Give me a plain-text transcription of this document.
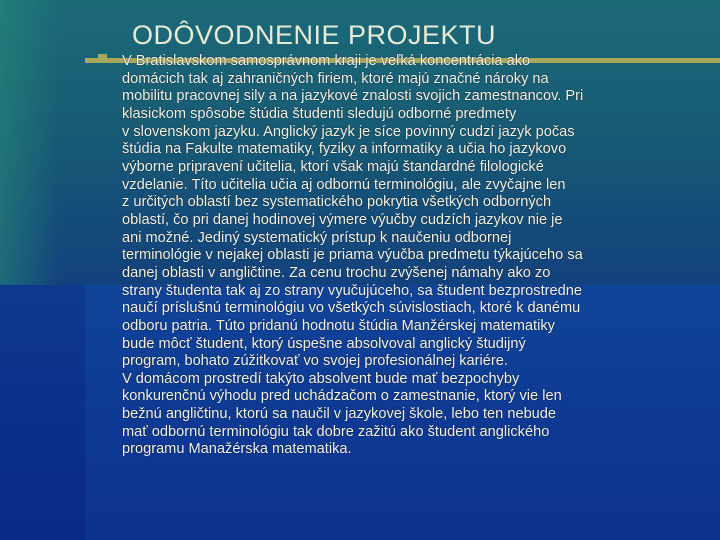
ODÔVODNENIE PROJEKTU
V Bratislavskom samosprávnom kraji je veľká koncentrácia ako
domácich tak aj zahraničných firiem, ktoré majú značné nároky na
mobilitu pracovnej sily a na jazykové znalosti svojich zamestnancov. Pri
klasickom spôsobe štúdia študenti sledujú odborné predmety
v slovenskom jazyku. Anglický jazyk je síce povinný cudzí jazyk počas
štúdia na Fakulte matematiky, fyziky a informatiky a učia ho jazykovo
výborne pripravení učitelia, ktorí však majú štandardné filologické
vzdelanie. Títo učitelia učia aj odbornú terminológiu, ale zvyčajne len
z určitých oblastí bez systematického pokrytia všetkých odborných
oblastí, čo pri danej hodinovej výmere výučby cudzích jazykov nie je
ani možné. Jediný systematický prístup k naučeniu odbornej
terminológie v nejakej oblasti je priama výučba predmetu týkajúceho sa
danej oblasti v angličtine. Za cenu trochu zvýšenej námahy ako zo
strany študenta tak aj zo strany vyučujúceho, sa študent bezprostredne
naučí príslušnú terminológiu vo všetkých súvislostiach, ktoré k danému
odboru patria. Túto pridanú hodnotu štúdia Manžérskej matematiky
bude môcť študent, ktorý úspešne absolvoval anglický študijný
program, bohato zúžitkovať vo svojej profesionálnej kariére.
V domácom prostredí takýto absolvent bude mať bezpochyby
konkurenčnú výhodu pred uchádzačom o zamestnanie, ktorý vie len
bežnú angličtinu, ktorú sa naučil v jazykovej škole, lebo ten nebude
mať odbornú terminológiu tak dobre zažitú ako študent anglického
programu Manažérska matematika.
